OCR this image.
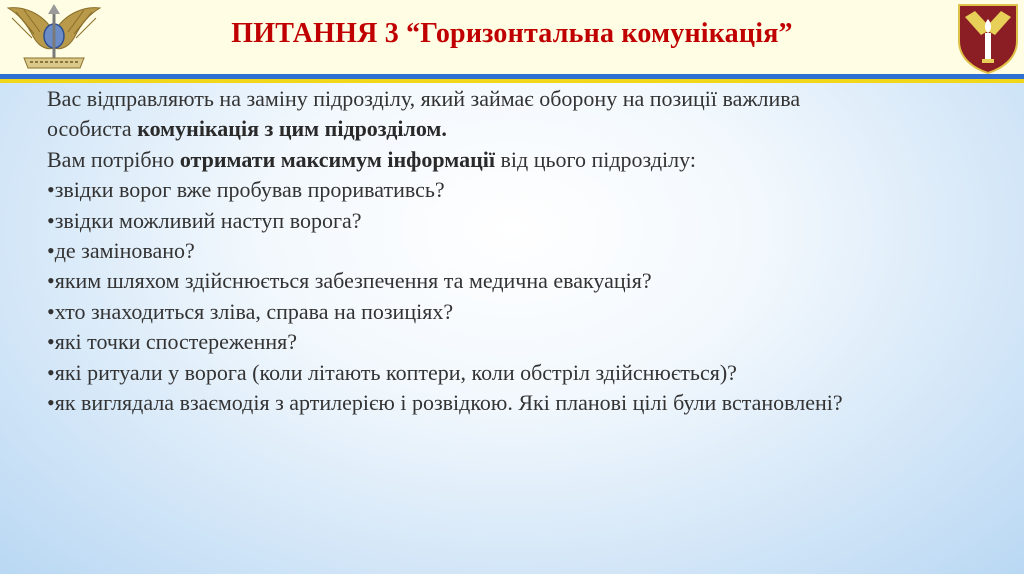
ПИТАННЯ 3 “Горизонтальна комунікація”
Вас відправляють на заміну підрозділу, який займає оборону на позиції важлива
особиста комунікація з цим підрозділом.
Вам потрібно отримати максимум інформації від цього підрозділу:
•звідки ворог вже пробував проривативсь?
•звідки можливий наступ ворога?
•де заміновано?
•яким шляхом здійснюється забезпечення та медична евакуація?
•хто знаходиться зліва, справа на позиціях?
•які точки спостереження?
•які ритуали у ворога (коли літають коптери, коли обстріл здійснюється)?
•як виглядала взаємодія з артилерією і розвідкою. Які планові цілі були встановлені?
